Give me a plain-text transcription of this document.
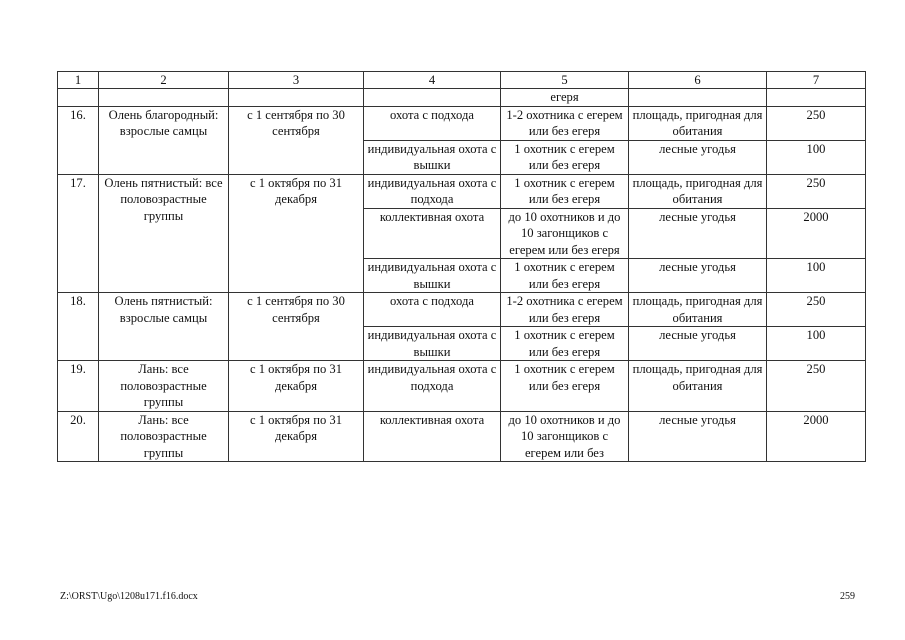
1	2	3	4	5	6	7
				егеря		
16.	Олень благородный: взрослые самцы	с 1 сентября по 30 сентября	охота с подхода	1-2 охотника с егерем или без егеря	площадь, пригодная для обитания	250
			индивидуальная охота с вышки	1 охотник с егерем или без егеря	лесные угодья	100
17.	Олень пятнистый: все половозрастные группы	с 1 октября по 31 декабря	индивидуальная охота с подхода	1 охотник с егерем или без егеря	площадь, пригодная для обитания	250
			коллективная охота	до 10 охотников и до 10 загонщиков с егерем или без егеря	лесные угодья	2000
			индивидуальная охота с вышки	1 охотник с егерем или без егеря	лесные угодья	100
18.	Олень пятнистый: взрослые самцы	с 1 сентября по 30 сентября	охота с подхода	1-2 охотника с егерем или без егеря	площадь, пригодная для обитания	250
			индивидуальная охота с вышки	1 охотник с егерем или без егеря	лесные угодья	100
19.	Лань: все половозрастные группы	с 1 октября по 31 декабря	индивидуальная охота с подхода	1 охотник с егерем или без егеря	площадь, пригодная для обитания	250
20.	Лань: все половозрастные группы	с 1 октября по 31 декабря	коллективная охота	до 10 охотников и до 10 загонщиков с егерем или без	лесные угодья	2000
Z:\ORST\Ugo\1208u171.f16.docx	259
